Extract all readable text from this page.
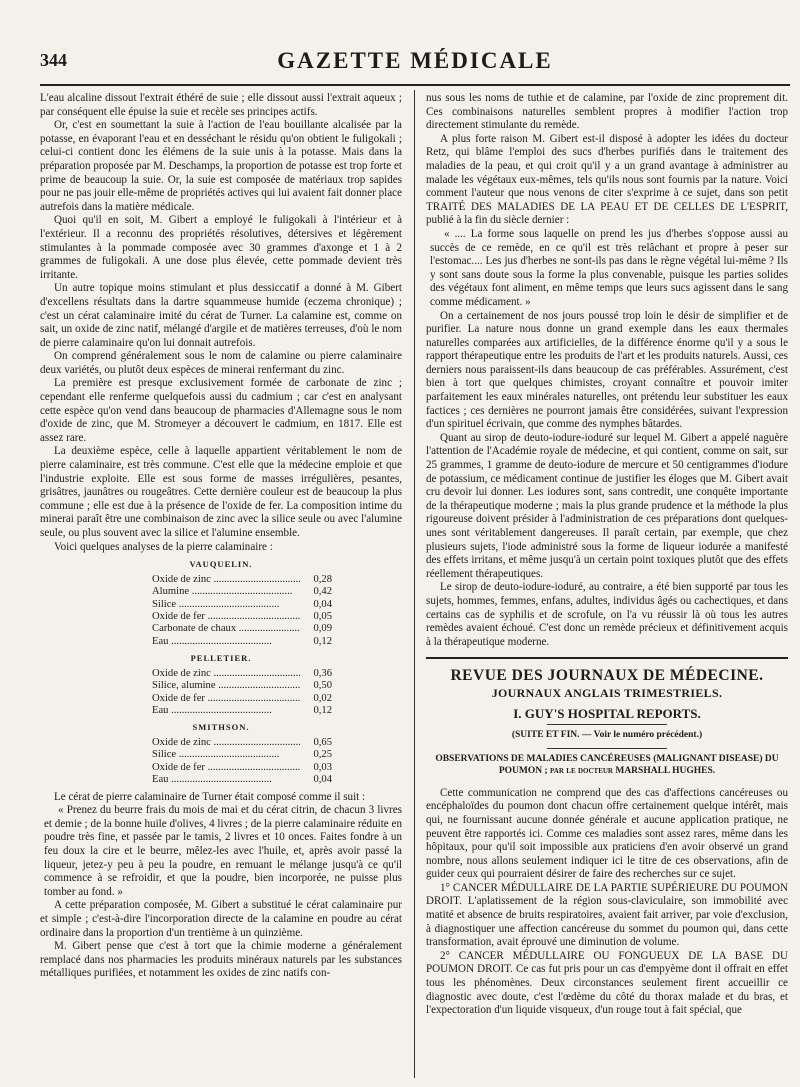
344	GAZETTE MÉDICALE

L'eau alcaline dissout l'extrait éthéré de suie ; elle dissout aussi l'extrait aqueux ; par conséquent elle épuise la suie et recèle ses principes actifs.

Or, c'est en soumettant la suie à l'action de l'eau bouillante alcalisée par la potasse, en évaporant l'eau et en desséchant le résidu qu'on obtient le fuligokali ; celui-ci contient donc les élémens de la suie unis à la potasse. Mais dans la préparation proposée par M. Deschamps, la proportion de potasse est trop forte et prime de beaucoup la suie. Or, la suie est composée de matériaux trop sapides pour ne pas jouir elle-même de propriétés actives qui lui avaient fait donner place autrefois dans la matière médicale.

Quoi qu'il en soit, M. Gibert a employé le fuligokali à l'intérieur et à l'extérieur. Il a reconnu des propriétés résolutives, détersives et légèrement stimulantes à la pommade composée avec 30 grammes d'axonge et 1 à 2 grammes de fuligokali. A une dose plus élevée, cette pommade devient très irritante.

Un autre topique moins stimulant et plus dessiccatif a donné à M. Gibert d'excellens résultats dans la dartre squammeuse humide (eczema chronique) ; c'est un cérat calaminaire imité du cérat de Turner. La calamine est, comme on sait, un oxide de zinc natif, mélangé d'argile et de matières terreuses, d'où le nom de pierre calaminaire qu'on lui donnait autrefois.

On comprend généralement sous le nom de calamine ou pierre calaminaire deux variétés, ou plutôt deux espèces de minerai renfermant du zinc.

La première est presque exclusivement formée de carbonate de zinc ; cependant elle renferme quelquefois aussi du cadmium ; car c'est en analysant cette espèce qu'on vend dans beaucoup de pharmacies d'Allemagne sous le nom d'oxide de zinc, que M. Stromeyer a découvert le cadmium, en 1817. Elle est assez rare.

La deuxième espèce, celle à laquelle appartient véritablement le nom de pierre calaminaire, est très commune. C'est elle que la médecine emploie et que l'industrie exploite. Elle est sous forme de masses irrégulières, pesantes, grisâtres, jaunâtres ou rougeâtres. Cette dernière couleur est de beaucoup la plus commune ; elle est due à la présence de l'oxide de fer. La composition intime du minerai paraît être une combinaison de zinc avec la silice seule ou avec l'alumine seule, ou plus souvent avec la silice et l'alumine ensemble.

Voici quelques analyses de la pierre calaminaire :

VAUQUELIN.
Oxide de zinc .....	0,28
Alumine .....	0,42
Silice .....	0,04
Oxide de fer .....	0,05
Carbonate de chaux .....	0,09
Eau .....	0,12
PELLETIER.
Oxide de zinc .....	0,36
Silice, alumine .....	0,50
Oxide de fer .....	0,02
Eau .....	0,12
SMITHSON.
Oxide de zinc .....	0,65
Silice .....	0,25
Oxide de fer .....	0,03
Eau .....	0,04

Le cérat de pierre calaminaire de Turner était composé comme il suit :

« Prenez du beurre frais du mois de mai et du cérat citrin, de chacun 3 livres et demie ; de la bonne huile d'olives, 4 livres ; de la pierre calaminaire réduite en poudre très fine, et passée par le tamis, 2 livres et 10 onces. Faites fondre à un feu doux la cire et le beurre, mêlez-les avec l'huile, et, après avoir passé la liqueur, jetez-y peu à peu la poudre, en remuant le mélange jusqu'à ce qu'il commence à se refroidir, et que la poudre, bien incorporée, ne puisse plus tomber au fond. »

A cette préparation composée, M. Gibert a substitué le cérat calaminaire pur et simple ; c'est-à-dire l'incorporation directe de la calamine en poudre au cérat ordinaire dans la proportion d'un trentième à un quinzième.

M. Gibert pense que c'est à tort que la chimie moderne a généralement remplacé dans nos pharmacies les produits minéraux naturels par les substances métalliques purifiées, et notamment les oxides de zinc natifs con-

nus sous les noms de tuthie et de calamine, par l'oxide de zinc proprement dit. Ces combinaisons naturelles semblent propres à modifier l'action trop directement stimulante du remède.

A plus forte raison M. Gibert est-il disposé à adopter les idées du docteur Retz, qui blâme l'emploi des sucs d'herbes purifiés dans le traitement des maladies de la peau, et qui croit qu'il y a un grand avantage à administrer au malade les végétaux eux-mêmes, tels qu'ils nous sont fournis par la nature. Voici comment l'auteur que nous venons de citer s'exprime à ce sujet, dans son petit TRAITÉ DES MALADIES DE LA PEAU ET DE CELLES DE L'ESPRIT, publié à la fin du siècle dernier :

« .... La forme sous laquelle on prend les jus d'herbes s'oppose aussi au succès de ce remède, en ce qu'il est très relâchant et propre à peser sur l'estomac.... Les jus d'herbes ne sont-ils pas dans le règne végétal lui-même ? Ils y sont sans doute sous la forme la plus convenable, puisque les parties solides des végétaux font aliment, en même temps que leurs sucs agissent dans le sang comme médicament. »

On a certainement de nos jours poussé trop loin le désir de simplifier et de purifier. La nature nous donne un grand exemple dans les eaux thermales naturelles comparées aux artificielles, de la différence énorme qu'il y a sous le rapport thérapeutique entre les produits de l'art et les produits naturels. Aussi, ces derniers nous paraissent-ils dans beaucoup de cas préférables. Assurément, c'est bien à tort que quelques chimistes, croyant connaître et pouvoir imiter parfaitement les eaux minérales naturelles, ont prétendu leur substituer les eaux factices ; ces dernières ne pourront jamais être considérées, suivant l'expression d'un spirituel écrivain, que comme des nymphes bâtardes.

Quant au sirop de deuto-iodure-ioduré sur lequel M. Gibert a appelé naguère l'attention de l'Académie royale de médecine, et qui contient, comme on sait, sur 25 grammes, 1 gramme de deuto-iodure de mercure et 50 centigrammes d'iodure de potassium, ce médicament continue de justifier les éloges que M. Gibert avait cru devoir lui donner. Les iodures sont, sans contredit, une conquête importante de la thérapeutique moderne ; mais la plus grande prudence et la méthode la plus rigoureuse doivent présider à l'administration de ces préparations dont quelques-unes sont véritablement dangereuses. Il paraît certain, par exemple, que chez plusieurs sujets, l'iode administré sous la forme de liqueur iodurée a manifesté des effets irritans, et même jusqu'à un certain point toxiques plutôt que des effets réellement thérapeutiques.

Le sirop de deuto-iodure-ioduré, au contraire, a été bien supporté par tous les sujets, hommes, femmes, enfans, adultes, individus âgés ou cachectiques, et dans certains cas de syphilis et de scrofule, on l'a vu réussir là où tous les autres remèdes avaient échoué. C'est donc un remède précieux et définitivement acquis à la thérapeutique moderne.

REVUE DES JOURNAUX DE MÉDECINE.
JOURNAUX ANGLAIS TRIMESTRIELS.
I. GUY'S HOSPITAL REPORTS.
(SUITE ET FIN. — Voir le numéro précédent.)
OBSERVATIONS DE MALADIES CANCÉREUSES (MALIGNANT DISEASE) DU POUMON ; par le docteur MARSHALL HUGHES.

Cette communication ne comprend que des cas d'affections cancéreuses ou encéphaloïdes du poumon dont chacun offre certainement quelque intérêt, mais qui, ne fournissant aucune donnée générale et aucune application pratique, ne peuvent être rapportés ici. Comme ces maladies sont assez rares, même dans les hôpitaux, pour qu'il soit impossible aux praticiens d'en avoir observé un grand nombre, nous allons seulement indiquer ici le titre de ces observations, afin de guider ceux qui pourraient désirer de faire des recherches sur ce sujet.

1° CANCER MÉDULLAIRE DE LA PARTIE SUPÉRIEURE DU POUMON DROIT. L'aplatissement de la région sous-claviculaire, son immobilité avec matité et absence de bruits respiratoires, avaient fait arriver, par voie d'exclusion, à diagnostiquer une affection cancéreuse du sommet du poumon qui, dans cette transformation, avait éprouvé une diminution de volume.

2° CANCER MÉDULLAIRE OU FONGUEUX DE LA BASE DU POUMON DROIT. Ce cas fut pris pour un cas d'empyème dont il offrait en effet tous les phénomènes. Deux circonstances seulement firent accueillir ce diagnostic avec doute, c'est l'œdème du côté du thorax malade et du bras, et l'expectoration d'un liquide visqueux, d'un rouge tout à fait spécial, que
